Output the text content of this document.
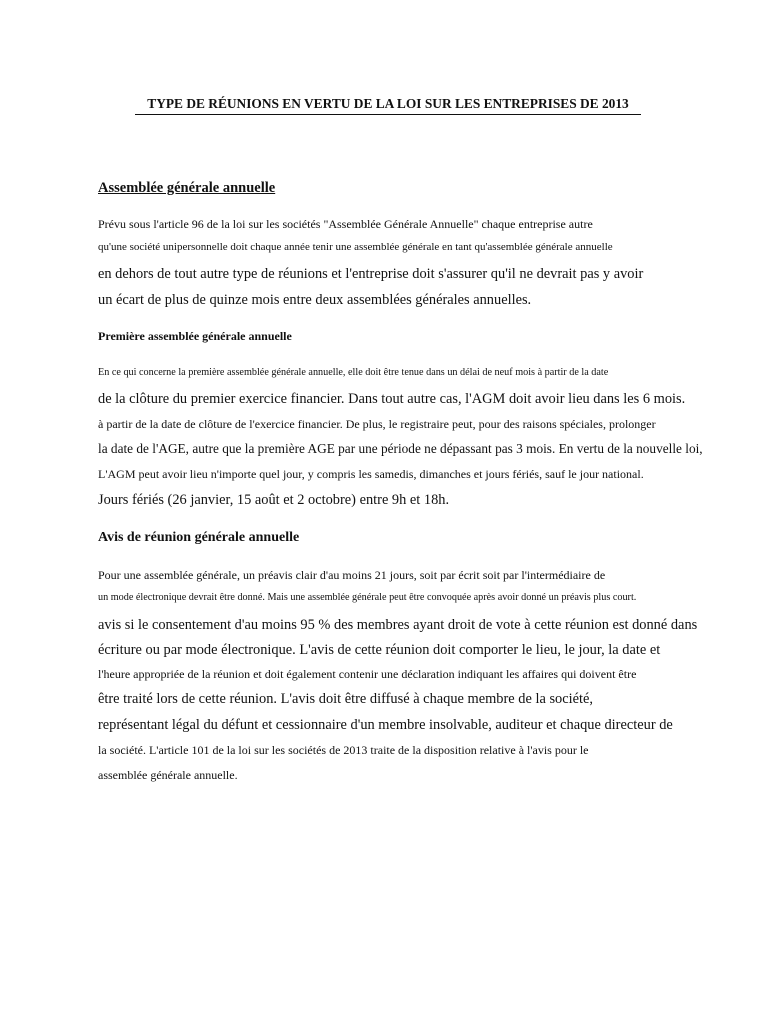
TYPE DE RÉUNIONS EN VERTU DE LA LOI SUR LES ENTREPRISES DE 2013
Assemblée générale annuelle
Prévu sous l'article 96 de la loi sur les sociétés "Assemblée Générale Annuelle" chaque entreprise autre
qu'une société unipersonnelle doit chaque année tenir une assemblée générale en tant qu'assemblée générale annuelle
en dehors de tout autre type de réunions et l'entreprise doit s'assurer qu'il ne devrait pas y avoir
un écart de plus de quinze mois entre deux assemblées générales annuelles.
Première assemblée générale annuelle
En ce qui concerne la première assemblée générale annuelle, elle doit être tenue dans un délai de neuf mois à partir de la date
de la clôture du premier exercice financier. Dans tout autre cas, l'AGM doit avoir lieu dans les 6 mois.
à partir de la date de clôture de l'exercice financier. De plus, le registraire peut, pour des raisons spéciales, prolonger
la date de l'AGE, autre que la première AGE par une période ne dépassant pas 3 mois. En vertu de la nouvelle loi,
L'AGM peut avoir lieu n'importe quel jour, y compris les samedis, dimanches et jours fériés, sauf le jour national.
Jours fériés (26 janvier, 15 août et 2 octobre) entre 9h et 18h.
Avis de réunion générale annuelle
Pour une assemblée générale, un préavis clair d'au moins 21 jours, soit par écrit soit par l'intermédiaire de
un mode électronique devrait être donné. Mais une assemblée générale peut être convoquée après avoir donné un préavis plus court.
avis si le consentement d'au moins 95 % des membres ayant droit de vote à cette réunion est donné dans
écriture ou par mode électronique. L'avis de cette réunion doit comporter le lieu, le jour, la date et
l'heure appropriée de la réunion et doit également contenir une déclaration indiquant les affaires qui doivent être
être traité lors de cette réunion. L'avis doit être diffusé à chaque membre de la société,
représentant légal du défunt et cessionnaire d'un membre insolvable, auditeur et chaque directeur de
la société. L'article 101 de la loi sur les sociétés de 2013 traite de la disposition relative à l'avis pour le
assemblée générale annuelle.
